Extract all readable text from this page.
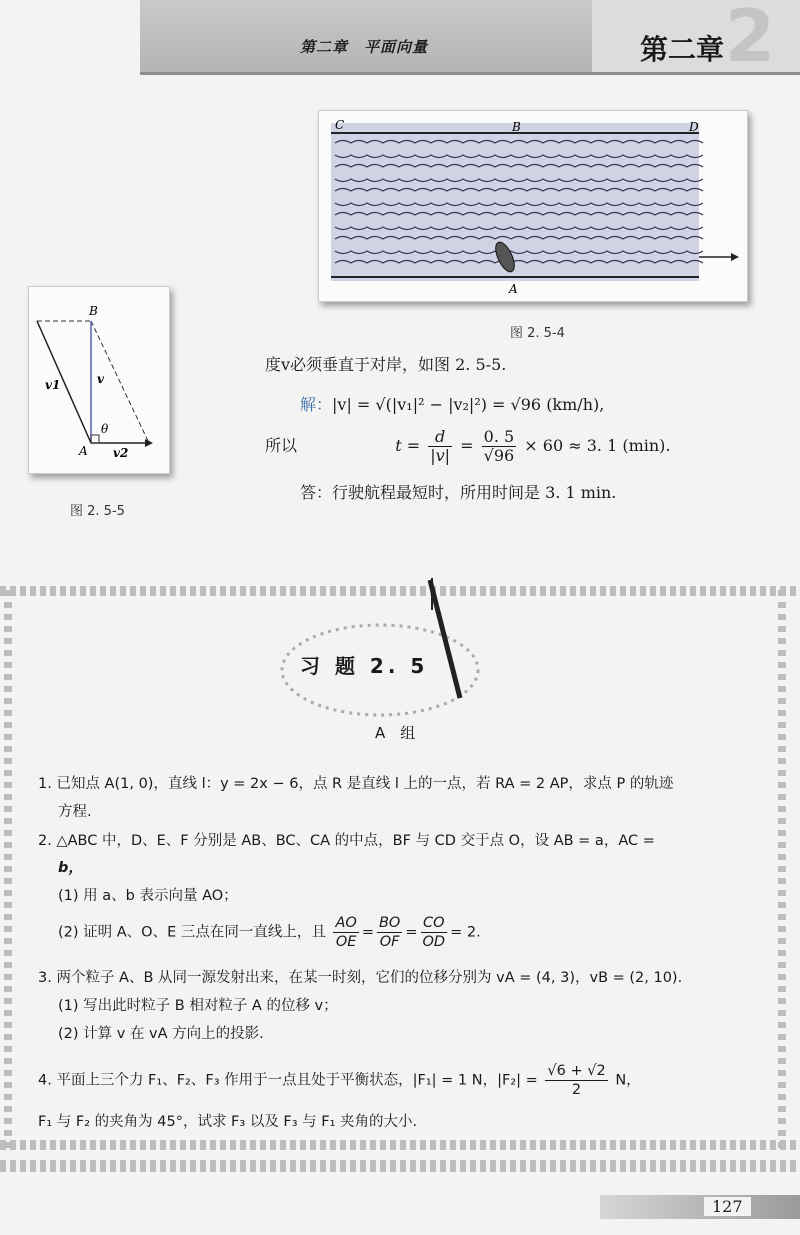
2
第二章　平面向量	第二章
C	B	D
A
图 2. 5-4
B
A
v1	v
v2
θ
图 2. 5-5
度v必须垂直于对岸，如图 2. 5-5.
解：|v| = √(|v₁|² − |v₂|²) = √96 (km/h),
所以	$t = \frac{d}{|v|} = \frac{0. 5}{√96} \times 60 \approx 3$. 1 (min).
答：行驶航程最短时，所用时间是 3. 1 min.
习 题 2. 5
A　组
1. 已知点 A(1, 0)，直线 l：y = 2x − 6，点 R 是直线 l 上的一点，若 RA = 2 AP，求点 P 的轨迹
方程.
2. △ABC 中，D、E、F 分别是 AB、BC、CA 的中点，BF 与 CD 交于点 O，设 AB = a，AC =
b，
(1) 用 a、b 表示向量 AO；
(2) 证明 A、O、E 三点在同一直线上，且 $\frac{AO}{OE} = \frac{BO}{OF} = \frac{CO}{OD} = 2$.
3. 两个粒子 A、B 从同一源发射出来，在某一时刻，它们的位移分别为 vA = (4, 3)，vB = (2, 10).
(1) 写出此时粒子 B 相对粒子 A 的位移 v；
(2) 计算 v 在 vA 方向上的投影.
4. 平面上三个力 F₁、F₂、F₃ 作用于一点且处于平衡状态，|F₁| = 1 N，$|F_2| = \frac{√6 + √2}{2}$ N，
F₁ 与 F₂ 的夹角为 45°，试求 F₃ 以及 F₃ 与 F₁ 夹角的大小.
127
